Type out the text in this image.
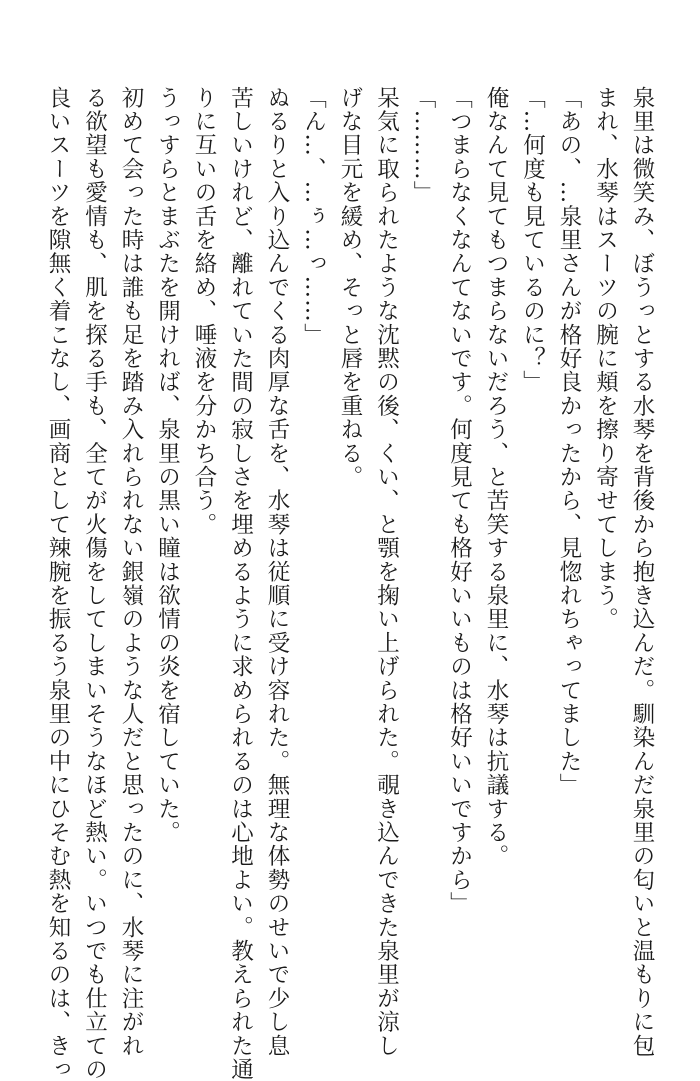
泉里は微笑み、ぼうっとする水琴を背後から抱き込んだ。馴染んだ泉里の匂いと温もりに包
まれ、水琴はスーツの腕に頬を擦り寄せてしまう。
「あの、…泉里さんが格好良かったから、見惚れちゃってました」
「…何度も見ているのに？」
俺なんて見てもつまらないだろう、と苦笑する泉里に、水琴は抗議する。
「つまらなくなんてないです。何度見ても格好いいものは格好いいですから」
「………」
呆気に取られたような沈黙の後、くい、と顎を掬い上げられた。覗き込んできた泉里が涼し
げな目元を緩め、そっと唇を重ねる。
「ん…、…ぅ…っ……」
ぬるりと入り込んでくる肉厚な舌を、水琴は従順に受け容れた。無理な体勢のせいで少し息
苦しいけれど、離れていた間の寂しさを埋めるように求められるのは心地よい。教えられた通
りに互いの舌を絡め、唾液を分かち合う。
うっすらとまぶたを開ければ、泉里の黒い瞳は欲情の炎を宿していた。
初めて会った時は誰も足を踏み入れられない銀嶺のような人だと思ったのに、水琴に注がれ
る欲望も愛情も、肌を探る手も、全てが火傷をしてしまいそうなほど熱い。いつでも仕立ての
良いスーツを隙無く着こなし、画商として辣腕を振るう泉里の中にひそむ熱を知るのは、きっ
